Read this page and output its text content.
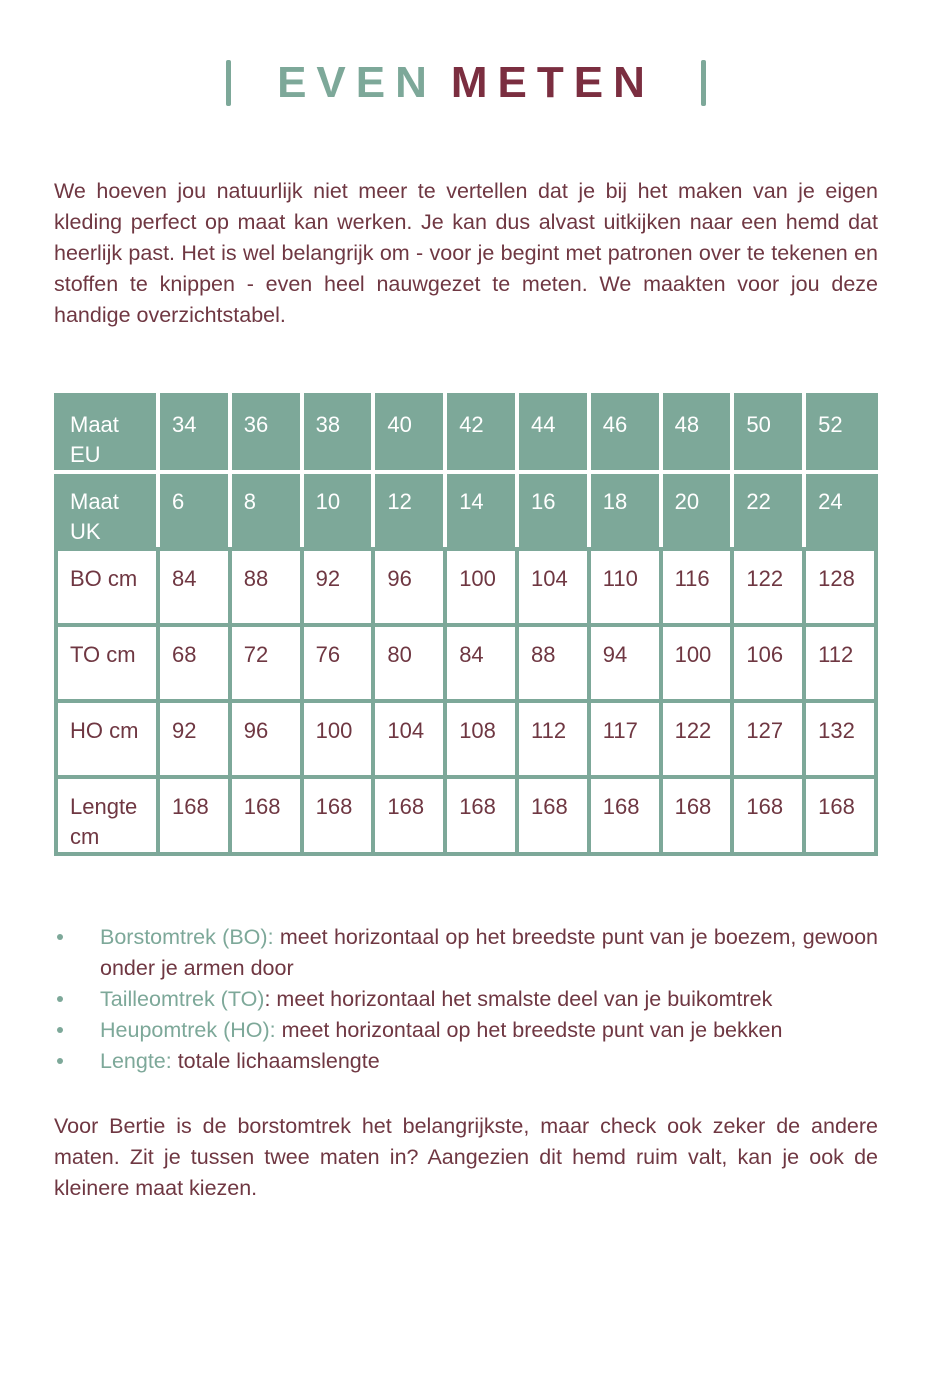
EVEN METEN

We hoeven jou natuurlijk niet meer te vertellen dat je bij het maken van je eigen kleding perfect op maat kan werken. Je kan dus alvast uitkijken naar een hemd dat heerlijk past. Het is wel belangrijk om - voor je begint met patronen over te tekenen en stoffen te knippen - even heel nauwgezet te meten. We maakten voor jou deze handige overzichtstabel.

Maat EU	34	36	38	40	42	44	46	48	50	52
Maat UK	6	8	10	12	14	16	18	20	22	24
BO cm	84	88	92	96	100	104	110	116	122	128
TO cm	68	72	76	80	84	88	94	100	106	112
HO cm	92	96	100	104	108	112	117	122	127	132
Lengte cm	168	168	168	168	168	168	168	168	168	168
Borstomtrek (BO): meet horizontaal op het breedste punt van je boezem, gewoon onder je armen door
Tailleomtrek (TO): meet horizontaal het smalste deel van je buikomtrek
Heupomtrek (HO): meet horizontaal op het breedste punt van je bekken
Lengte: totale lichaamslengte

Voor Bertie is de borstomtrek het belangrijkste, maar check ook zeker de andere maten. Zit je tussen twee maten in? Aangezien dit hemd ruim valt, kan je ook de kleinere maat kiezen.
